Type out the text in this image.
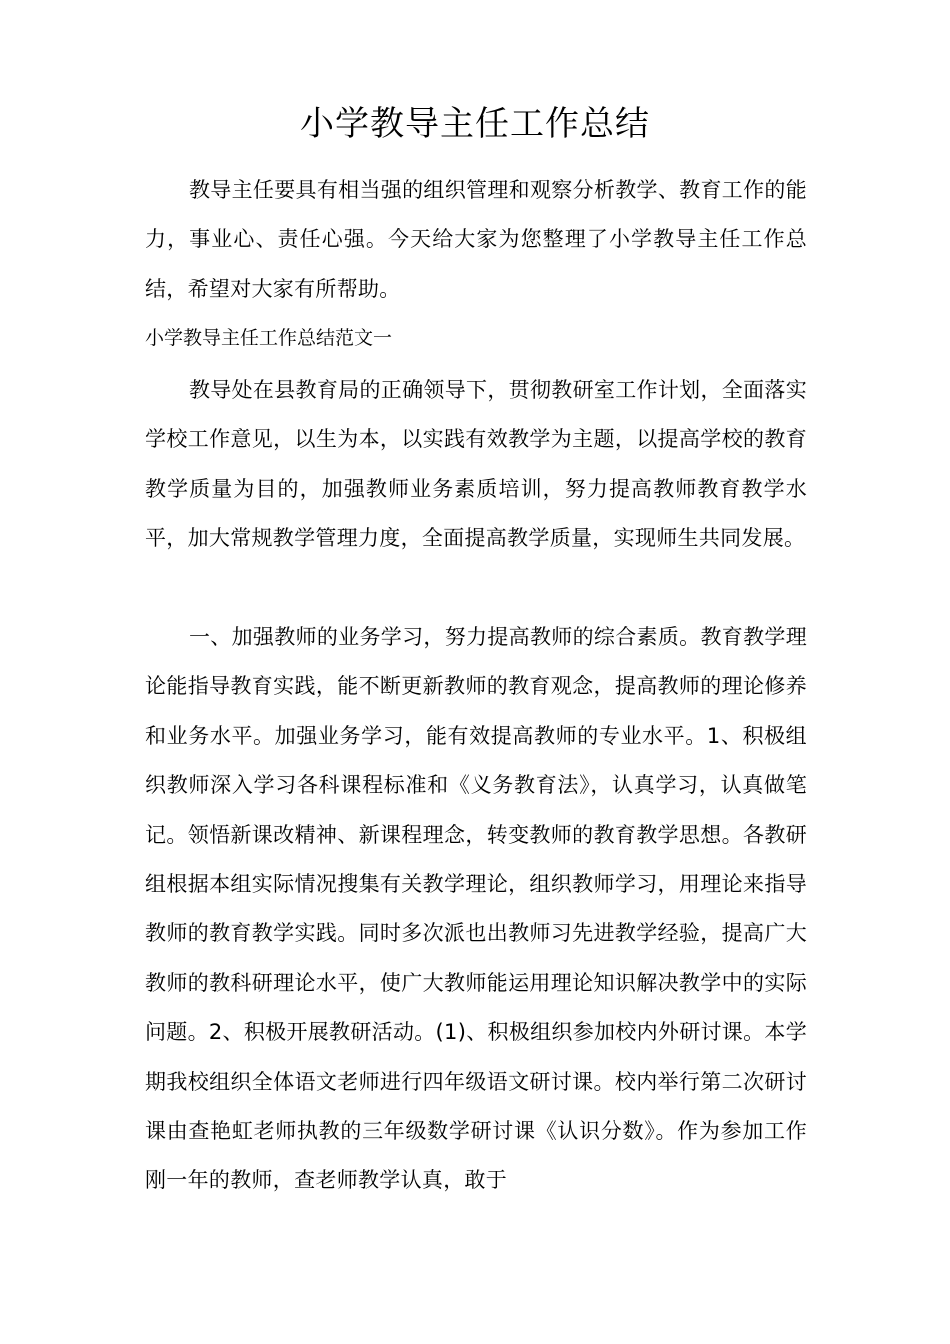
小学教导主任工作总结

教导主任要具有相当强的组织管理和观察分析教学、教育工作的能力，事业心、责任心强。今天给大家为您整理了小学教导主任工作总结，希望对大家有所帮助。

小学教导主任工作总结范文一

教导处在县教育局的正确领导下，贯彻教研室工作计划，全面落实学校工作意见，以生为本，以实践有效教学为主题，以提高学校的教育教学质量为目的，加强教师业务素质培训，努力提高教师教育教学水平，加大常规教学管理力度，全面提高教学质量，实现师生共同发展。

一、加强教师的业务学习，努力提高教师的综合素质。教育教学理论能指导教育实践，能不断更新教师的教育观念，提高教师的理论修养和业务水平。加强业务学习，能有效提高教师的专业水平。1、积极组织教师深入学习各科课程标准和《义务教育法》，认真学习，认真做笔记。领悟新课改精神、新课程理念，转变教师的教育教学思想。各教研组根据本组实际情况搜集有关教学理论，组织教师学习，用理论来指导教师的教育教学实践。同时多次派也出教师习先进教学经验，提高广大教师的教科研理论水平，使广大教师能运用理论知识解决教学中的实际问题。2、积极开展教研活动。(1)、积极组织参加校内外研讨课。本学期我校组织全体语文老师进行四年级语文研讨课。校内举行第二次研讨课由查艳虹老师执教的三年级数学研讨课《认识分数》。作为参加工作刚一年的教师，查老师教学认真，敢于
